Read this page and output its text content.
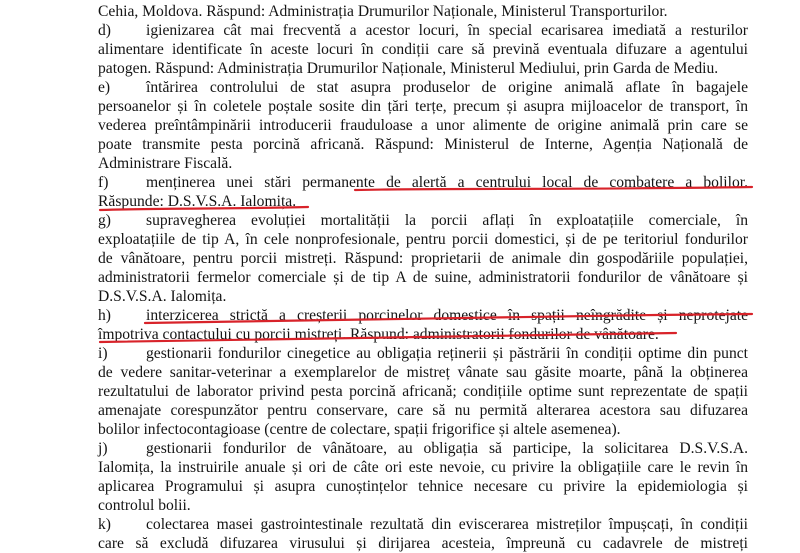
Cehia, Moldova. Răspund: Administrația Drumurilor Naționale, Ministerul Transporturilor.
d) igienizarea cât mai frecventă a acestor locuri, în special ecarisarea imediată a resturilor
alimentare identificate în aceste locuri în condiții care să prevină eventuala difuzare a agentului
patogen. Răspund: Administrația Drumurilor Naționale, Ministerul Mediului, prin Garda de Mediu.
e) întărirea controlului de stat asupra produselor de origine animală aflate în bagajele
persoanelor și în coletele poștale sosite din țări terțe, precum și asupra mijloacelor de transport, în
vederea preîntâmpinării introducerii frauduloase a unor alimente de origine animală prin care se
poate transmite pesta porcină africană. Răspund: Ministerul de Interne, Agenția Națională de
Administrare Fiscală.
f) menținerea unei stări permanente de alertă a centrului local de combatere a bolilor.
Răspunde: D.S.V.S.A. Ialomița.
g) supravegherea evoluției mortalității la porcii aflați în exploatațiile comerciale, în
exploatațiile de tip A, în cele nonprofesionale, pentru porcii domestici, și de pe teritoriul fondurilor
de vânătoare, pentru porcii mistreți. Răspund: proprietarii de animale din gospodăriile populației,
administratorii fermelor comerciale și de tip A de suine, administratorii fondurilor de vânătoare și
D.S.V.S.A. Ialomița.
h) interzicerea strictă a creșterii porcinelor domestice în spații neîngrădite și neprotejate
împotriva contactului cu porcii mistreți. Răspund: administratorii fondurilor de vânătoare.
i) gestionarii fondurilor cinegetice au obligația reținerii și păstrării în condiții optime din punct
de vedere sanitar-veterinar a exemplarelor de mistreț vânate sau găsite moarte, până la obținerea
rezultatului de laborator privind pesta porcină africană; condițiile optime sunt reprezentate de spații
amenajate corespunzător pentru conservare, care să nu permită alterarea acestora sau difuzarea
bolilor infectocontagioase (centre de colectare, spații frigorifice și altele asemenea).
j) gestionarii fondurilor de vânătoare, au obligația să participe, la solicitarea D.S.V.S.A.
Ialomița, la instruirile anuale și ori de câte ori este nevoie, cu privire la obligațiile care le revin în
aplicarea Programului și asupra cunoștințelor tehnice necesare cu privire la epidemiologia și
controlul bolii.
k) colectarea masei gastrointestinale rezultată din eviscerarea mistreților împușcați, în condiții
care să excludă difuzarea virusului și dirijarea acesteia, împreună cu cadavrele de mistreți
